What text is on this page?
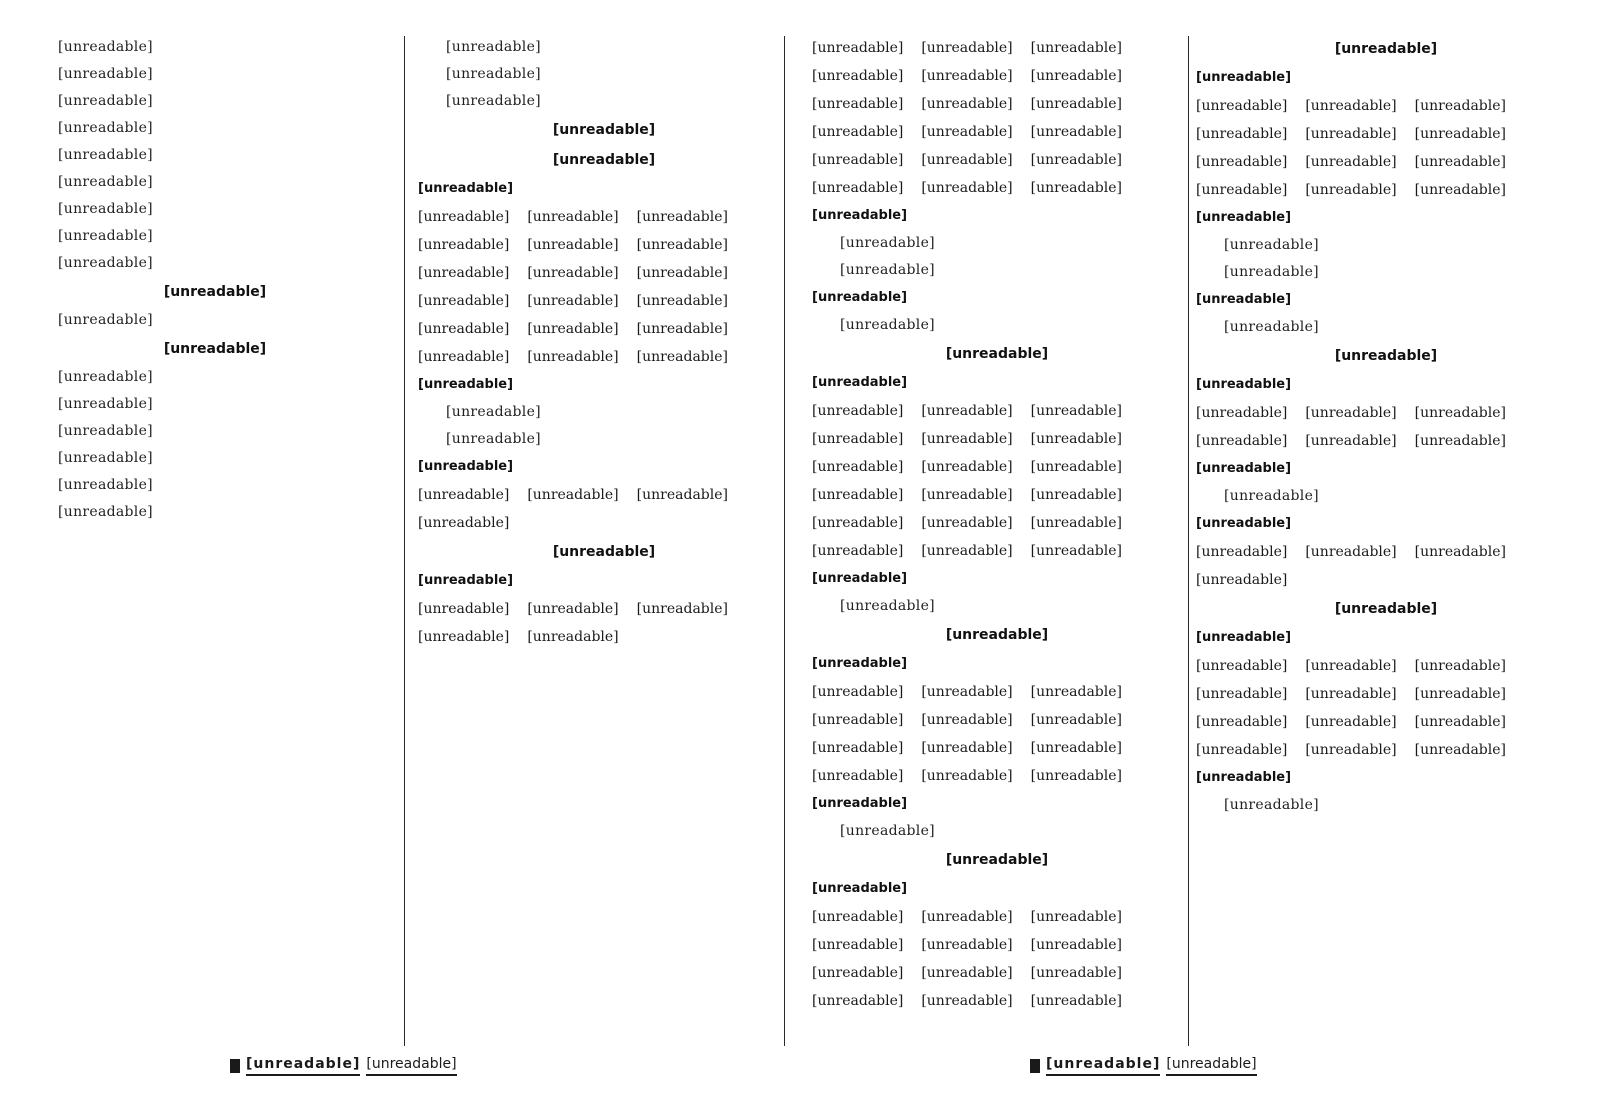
[unreadable]

[unreadable]

[unreadable]

[unreadable]

[unreadable]

[unreadable]

[unreadable]

[unreadable]

[unreadable]

[unreadable]

[unreadable]

[unreadable]

[unreadable]

[unreadable]

[unreadable]

[unreadable]

[unreadable]

[unreadable]

[unreadable]

[unreadable]

[unreadable]

[unreadable]

[unreadable]

[unreadable]

[unreadable] [unreadable] [unreadable]
[unreadable] [unreadable] [unreadable]
[unreadable] [unreadable] [unreadable]
[unreadable] [unreadable] [unreadable]
[unreadable] [unreadable] [unreadable]
[unreadable] [unreadable] [unreadable]

[unreadable]

[unreadable]

[unreadable]

[unreadable]

[unreadable] [unreadable] [unreadable]
[unreadable]

[unreadable]

[unreadable]

[unreadable] [unreadable] [unreadable]
[unreadable] [unreadable]
[unreadable] [unreadable]
[unreadable] [unreadable] [unreadable]
[unreadable] [unreadable] [unreadable]
[unreadable] [unreadable] [unreadable]
[unreadable] [unreadable] [unreadable]
[unreadable] [unreadable] [unreadable]
[unreadable] [unreadable] [unreadable]

[unreadable]

[unreadable]

[unreadable]

[unreadable]

[unreadable]

[unreadable]

[unreadable]

[unreadable] [unreadable] [unreadable]
[unreadable] [unreadable] [unreadable]
[unreadable] [unreadable] [unreadable]
[unreadable] [unreadable] [unreadable]
[unreadable] [unreadable] [unreadable]
[unreadable] [unreadable] [unreadable]

[unreadable]

[unreadable]

[unreadable]

[unreadable]

[unreadable] [unreadable] [unreadable]
[unreadable] [unreadable] [unreadable]
[unreadable] [unreadable] [unreadable]
[unreadable] [unreadable] [unreadable]

[unreadable]

[unreadable]

[unreadable]

[unreadable]

[unreadable] [unreadable] [unreadable]
[unreadable] [unreadable] [unreadable]
[unreadable] [unreadable] [unreadable]
[unreadable] [unreadable] [unreadable]

[unreadable]

[unreadable]

[unreadable] [unreadable] [unreadable]
[unreadable] [unreadable] [unreadable]
[unreadable] [unreadable] [unreadable]
[unreadable] [unreadable] [unreadable]

[unreadable]

[unreadable]

[unreadable]

[unreadable]

[unreadable]

[unreadable]

[unreadable]

[unreadable] [unreadable] [unreadable]
[unreadable] [unreadable] [unreadable]

[unreadable]

[unreadable]

[unreadable]

[unreadable] [unreadable] [unreadable]
[unreadable]

[unreadable]

[unreadable]

[unreadable] [unreadable] [unreadable]
[unreadable] [unreadable] [unreadable]
[unreadable] [unreadable] [unreadable]
[unreadable] [unreadable] [unreadable]

[unreadable]

[unreadable]

[unreadable] [unreadable]
